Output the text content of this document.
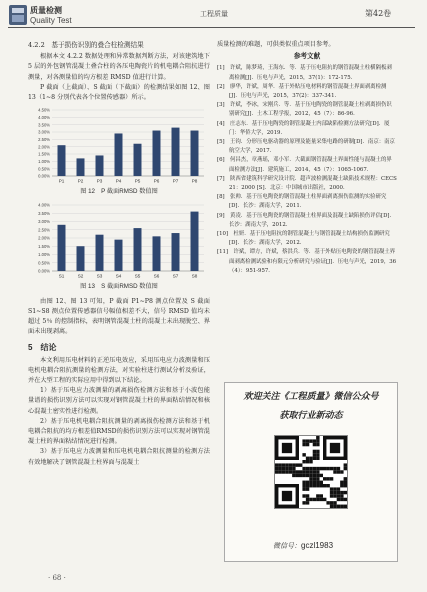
质量检测
Quality Test
工程质量	第42卷

4.2.2　基于损伤识别的叠合柱检测结果

根据本文 4.2.2 数据处理和异常数据判断方法，对该建筑地下 5 层的外包钢管混凝土叠合柱的各压电陶瓷片的机电耦合阻抗进行测量，对各测量值的均方根差 RMSD 值进行计算。

P 截面（上截面）、S 截面（下截面）的检测结果如图 12、图 13（1~8 分别代表各个位置传感器）所示。

0.00%
0.50%
1.00%
1.50%
2.00%
2.50%
3.00%
3.50%
4.00%
4.50%
P1	P2	P3	P4	P5	P6	P7	P8

图 12　P 截面RMSD 数值图

0.00%
0.50%
1.00%
1.50%
2.00%
2.50%
3.00%
3.50%
4.00%
S1	S2	S3	S4	S5	S6	S7	S8

图 13　S 截面RMSD 数值图

由图 12、图 13 可知，P 截面 P1~P8 测点位置及 S 截面 S1~S8 测点位置传感器信号幅值相差不大，信号 RMSD 值均未超过 5％ 的控制指标，表明钢管混凝土柱的混凝土未出现脱空、界面未出现剥离。

5　结论

本文利用压电材料的正逆压电效应，采用压电应力波测量和压电机电耦合阻抗测量的检测方法，对实验柱进行测试分析及验证，并在大型工程的实际应用中得到以下结论。

1）基于压电应力波测量的剥离损伤检测方法和基于小波包能量谱的损伤识别方法可以实现对钢管混凝土柱的界面粘结情况和核心混凝土密实性进行检测。

2）基于压电机电耦合阻抗测量的剥离损伤检测方法和基于机电耦合阻抗的均方根差值RMSD的损伤识别方法可以实现对钢管混凝土柱的界面粘结情况进行检测。

3）基于压电应力波测量和压电机电耦合阻抗测量的检测方法有效地解决了钢管混凝土柱界面与混凝土

质量检测的难题，可供类似重点项目参考。

参考文献

[1]　许斌，陈梦琦，王海东．等．基于压电阻抗的钢管混凝土柱横隔板剥离检测[J]．压电与声光，2015，37(1)：172-175．

[2]　廖华，许斌，周华．基于外贴压电材料的钢管混凝土界面剥离检测[J]．压电与声光，2015，37(2)：337-341．

[3]　许斌，李冰，宋刚兵．等．基于压电陶瓷的钢管混凝土柱剥离损伤识别研究[J]．土木工程学报，2012，45（7）：86-96．

[4]　庄志东．基于压电陶瓷的钢管混凝土内部缺陷检测方法研究[D]．厦门：华侨大学，2019．

[5]　王钧．分形压电驱动器的原理及能量采集电路的研制[D]．南京：南京航空大学，2017．

[6]　何昌杰，章燕瑶，邓小军．大截面钢管混凝土界面性能与混凝土的界面检测方法[J]．建筑施工，2014，45（7）：1065-1067．

[7]　陕西省建筑科学研究设计院．超声波检测混凝土缺陷技术规程：CECS 21：2000 [S]．北京：中国城市出版社，2000．

[8]　张帅．基于压电陶瓷的钢管混凝土柱界面剥离损伤监测的实验研究[D]．长沙：湖南大学，2011．

[9]　黄凌．基于压电陶瓷的钢管混凝土柱界面及混凝土缺陷损伤评估[D]．长沙：湖南大学，2012．

[10]　杜妍．基于压电阻抗的钢管混凝土与钢管混凝土结构损伤监测研究[D]．长沙：湖南大学，2012．

[11]　许斌，谭方，许斌，蔡洪兵．等．基于外贴压电陶瓷的钢管混凝土界面剥离检测试验和有限元分析研究与验证[J]．压电与声光，2019，36（4）：951-957．

欢迎关注《工程质量》微信公众号
获取行业新动态
微信号：gczl1983
· 68 ·
